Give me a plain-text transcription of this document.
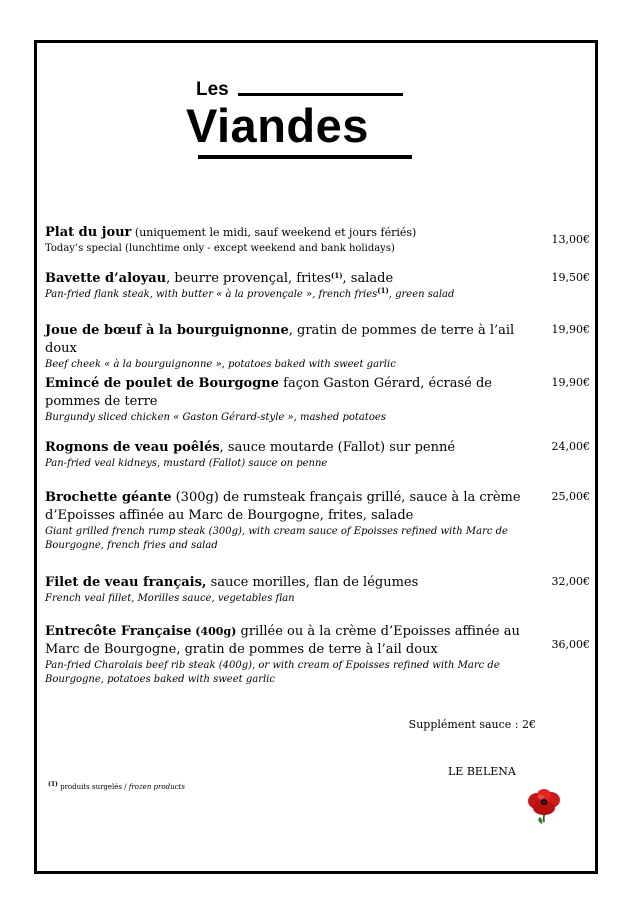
Les
Viandes
Plat du jour (uniquement le midi, sauf weekend et jours fériés)
Today’s special (lunchtime only - except weekend and bank holidays)
13,00€
Bavette d’aloyau, beurre provençal, frites$^{(1)}$, salade
Pan-fried flank steak, with butter « à la provençale », french fries$^{(1)}$, green salad
19,50€
Joue de bœuf à la bourguignonne, gratin de pommes de terre à l’ail doux
Beef cheek « à la bourguignonne », potatoes baked with sweet garlic
19,90€
Emincé de poulet de Bourgogne façon Gaston Gérard, écrasé de pommes de terre
Burgundy sliced chicken « Gaston Gérard-style », mashed potatoes
19,90€
Rognons de veau poêlés, sauce moutarde (Fallot) sur penné
Pan-fried veal kidneys, mustard (Fallot) sauce on penne
24,00€
Brochette géante (300g) de rumsteak français grillé, sauce à la crème d’Epoisses affinée au Marc de Bourgogne, frites, salade
Giant grilled french rump steak (300g), with cream sauce of Epoisses refined with Marc de Bourgogne, french fries and salad
25,00€
Filet de veau français, sauce morilles, flan de légumes
French veal fillet, Morilles sauce, vegetables flan
32,00€
Entrecôte Française (400g) grillée ou à la crème d’Epoisses affinée au Marc de Bourgogne, gratin de pommes de terre à l’ail doux
Pan-fried Charolais beef rib steak (400g), or with cream of Epoisses refined with Marc de Bourgogne, potatoes baked with sweet garlic
36,00€
Supplément sauce : 2€
LE BELENA
$^{(1)}$ produits surgelés / frozen products
